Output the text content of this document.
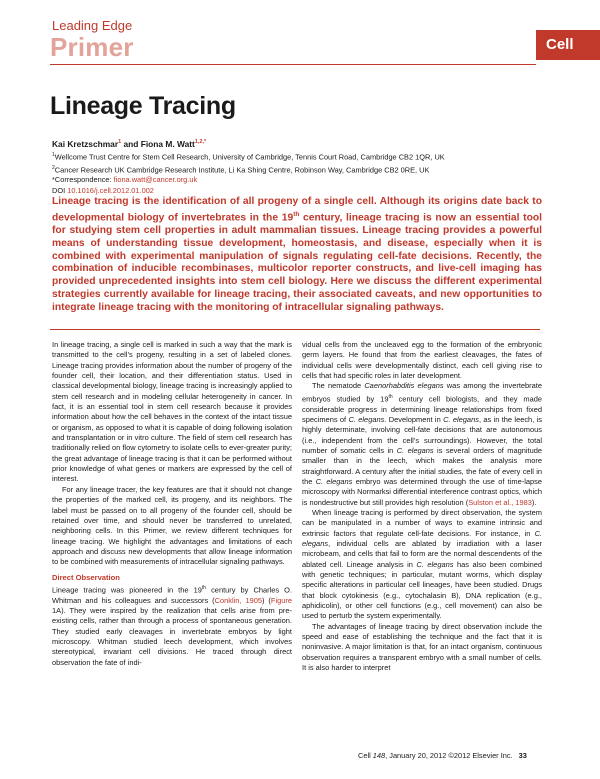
Leading Edge
Primer	Cell
Lineage Tracing
Kai Kretzschmar$^1$ and Fiona M. Watt$^{1,2,*}$
$^1$Wellcome Trust Centre for Stem Cell Research, University of Cambridge, Tennis Court Road, Cambridge CB2 1QR, UK
$^2$Cancer Research UK Cambridge Research Institute, Li Ka Shing Centre, Robinson Way, Cambridge CB2 0RE, UK
*Correspondence: fiona.watt@cancer.org.uk
DOI 10.1016/j.cell.2012.01.002
Lineage tracing is the identification of all progeny of a single cell. Although its origins date back to developmental biology of invertebrates in the 19th century, lineage tracing is now an essential tool for studying stem cell properties in adult mammalian tissues. Lineage tracing provides a powerful means of understanding tissue development, homeostasis, and disease, especially when it is combined with experimental manipulation of signals regulating cell-fate decisions. Recently, the combination of inducible recombinases, multicolor reporter constructs, and live-cell imaging has provided unprecedented insights into stem cell biology. Here we discuss the different experimental strategies currently available for lineage tracing, their associated caveats, and new opportunities to integrate lineage tracing with the monitoring of intracellular signaling pathways.

In lineage tracing, a single cell is marked in such a way that the mark is transmitted to the cell’s progeny, resulting in a set of labeled clones. Lineage tracing provides information about the number of progeny of the founder cell, their location, and their differentiation status. Used in classical developmental biology, lineage tracing is increasingly applied to stem cell research and in modeling cellular heterogeneity in cancer. In fact, it is an essential tool in stem cell research because it provides information about how the cell behaves in the context of the intact tissue or organism, as opposed to what it is capable of doing following isolation and transplantation or in vitro culture. The field of stem cell research has traditionally relied on flow cytometry to isolate cells to ever-greater purity; the great advantage of lineage tracing is that it can be performed without prior knowledge of what genes or markers are expressed by the cell of interest.

For any lineage tracer, the key features are that it should not change the properties of the marked cell, its progeny, and its neighbors. The label must be passed on to all progeny of the founder cell, should be retained over time, and should never be transferred to unrelated, neighboring cells. In this Primer, we review different techniques for lineage tracing. We highlight the advantages and limitations of each approach and discuss new developments that allow lineage information to be combined with measurements of intracellular signaling pathways.

Direct Observation

Lineage tracing was pioneered in the 19th century by Charles O. Whitman and his colleagues and successors (Conklin, 1905) (Figure 1A). They were inspired by the realization that cells arise from pre-existing cells, rather than through a process of spontaneous generation. They studied early cleavages in invertebrate embryos by light microscopy. Whitman studied leech development, which involves stereotypical, invariant cell divisions. He traced through direct observation the fate of indi-

vidual cells from the uncleaved egg to the formation of the embryonic germ layers. He found that from the earliest cleavages, the fates of individual cells were developmentally distinct, each cell giving rise to cells that had specific roles in later development.

The nematode Caenorhabditis elegans was among the invertebrate embryos studied by 19th century cell biologists, and they made considerable progress in determining lineage relationships from fixed specimens of C. elegans. Development in C. elegans, as in the leech, is highly determinate, involving cell-fate decisions that are autonomous (i.e., independent from the cell’s surroundings). However, the total number of somatic cells in C. elegans is several orders of magnitude smaller than in the leech, which makes the analysis more straightforward. A century after the initial studies, the fate of every cell in the C. elegans embryo was determined through the use of time-lapse microscopy with Normarksi differential interference contrast optics, which is nondestructive but still provides high resolution (Sulston et al., 1983).

When lineage tracing is performed by direct observation, the system can be manipulated in a number of ways to examine intrinsic and extrinsic factors that regulate cell-fate decisions. For instance, in C. elegans, individual cells are ablated by irradiation with a laser microbeam, and cells that fail to form are the normal descendents of the ablated cell. Lineage analysis in C. elegans has also been combined with genetic techniques; in particular, mutant worms, which display specific alterations in particular cell lineages, have been studied. Drugs that block cytokinesis (e.g., cytochalasin B), DNA replication (e.g., aphidicolin), or other cell functions (e.g., cell movement) can also be used to perturb the system experimentally.

The advantages of lineage tracing by direct observation include the speed and ease of establishing the technique and the fact that it is noninvasive. A major limitation is that, for an intact organism, continuous observation requires a transparent embryo with a small number of cells. It is also harder to interpret

Cell 148, January 20, 2012 ©2012 Elsevier Inc. 33
